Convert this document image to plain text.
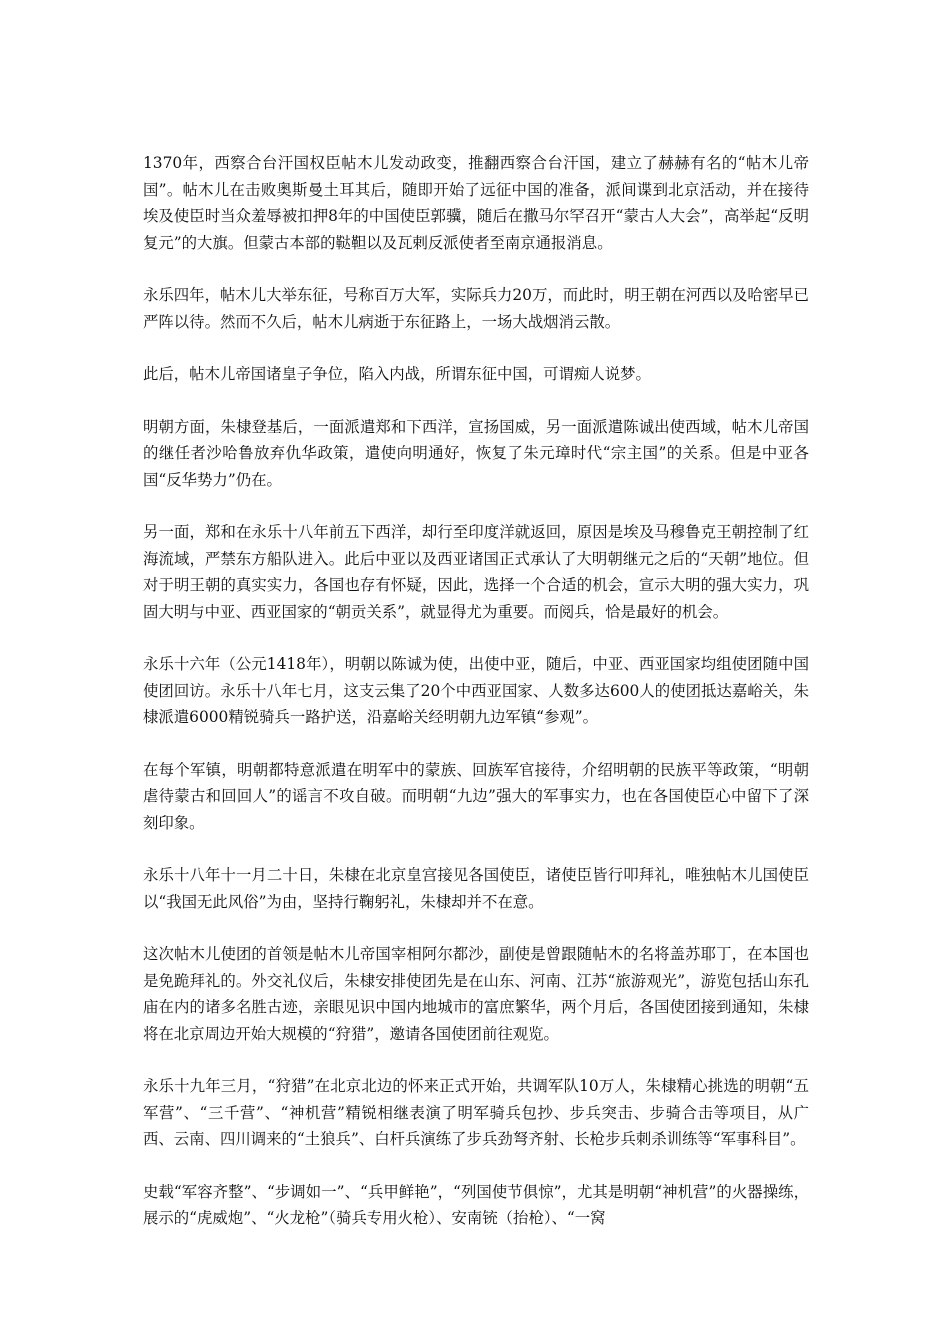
1370年，西察合台汗国权臣帖木儿发动政变，推翻西察合台汗国，建立了赫赫有名的“帖木儿帝国”。帖木儿在击败奥斯曼土耳其后，随即开始了远征中国的准备，派间谍到北京活动，并在接待埃及使臣时当众羞辱被扣押8年的中国使臣郭骥，随后在撒马尔罕召开“蒙古人大会”，高举起“反明复元”的大旗。但蒙古本部的鞑靼以及瓦剌反派使者至南京通报消息。

永乐四年，帖木儿大举东征，号称百万大军，实际兵力20万，而此时，明王朝在河西以及哈密早已严阵以待。然而不久后，帖木儿病逝于东征路上，一场大战烟消云散。

此后，帖木儿帝国诸皇子争位，陷入内战，所谓东征中国，可谓痴人说梦。

明朝方面，朱棣登基后，一面派遣郑和下西洋，宣扬国威，另一面派遣陈诚出使西域，帖木儿帝国的继任者沙哈鲁放弃仇华政策，遣使向明通好，恢复了朱元璋时代“宗主国”的关系。但是中亚各国“反华势力”仍在。

另一面，郑和在永乐十八年前五下西洋，却行至印度洋就返回，原因是埃及马穆鲁克王朝控制了红海流域，严禁东方船队进入。此后中亚以及西亚诸国正式承认了大明朝继元之后的“天朝”地位。但对于明王朝的真实实力，各国也存有怀疑，因此，选择一个合适的机会，宣示大明的强大实力，巩固大明与中亚、西亚国家的“朝贡关系”，就显得尤为重要。而阅兵，恰是最好的机会。

永乐十六年（公元1418年），明朝以陈诚为使，出使中亚，随后，中亚、西亚国家均组使团随中国使团回访。永乐十八年七月，这支云集了20个中西亚国家、人数多达600人的使团抵达嘉峪关，朱棣派遣6000精锐骑兵一路护送，沿嘉峪关经明朝九边军镇“参观”。

在每个军镇，明朝都特意派遣在明军中的蒙族、回族军官接待，介绍明朝的民族平等政策，“明朝虐待蒙古和回回人”的谣言不攻自破。而明朝“九边”强大的军事实力，也在各国使臣心中留下了深刻印象。

永乐十八年十一月二十日，朱棣在北京皇宫接见各国使臣，诸使臣皆行叩拜礼，唯独帖木儿国使臣以“我国无此风俗”为由，坚持行鞠躬礼，朱棣却并不在意。

这次帖木儿使团的首领是帖木儿帝国宰相阿尔都沙，副使是曾跟随帖木的名将盖苏耶丁，在本国也是免跪拜礼的。外交礼仪后，朱棣安排使团先是在山东、河南、江苏“旅游观光”，游览包括山东孔庙在内的诸多名胜古迹，亲眼见识中国内地城市的富庶繁华，两个月后，各国使团接到通知，朱棣将在北京周边开始大规模的“狩猎”，邀请各国使团前往观览。

永乐十九年三月，“狩猎”在北京北边的怀来正式开始，共调军队10万人，朱棣精心挑选的明朝“五军营”、“三千营”、“神机营”精锐相继表演了明军骑兵包抄、步兵突击、步骑合击等项目，从广西、云南、四川调来的“土狼兵”、白杆兵演练了步兵劲弩齐射、长枪步兵刺杀训练等“军事科目”。

史载“军容齐整”、“步调如一”、“兵甲鲜艳”，“列国使节俱惊”，尤其是明朝“神机营”的火器操练，展示的“虎威炮”、“火龙枪”（骑兵专用火枪）、安南铳（抬枪）、“一窝
